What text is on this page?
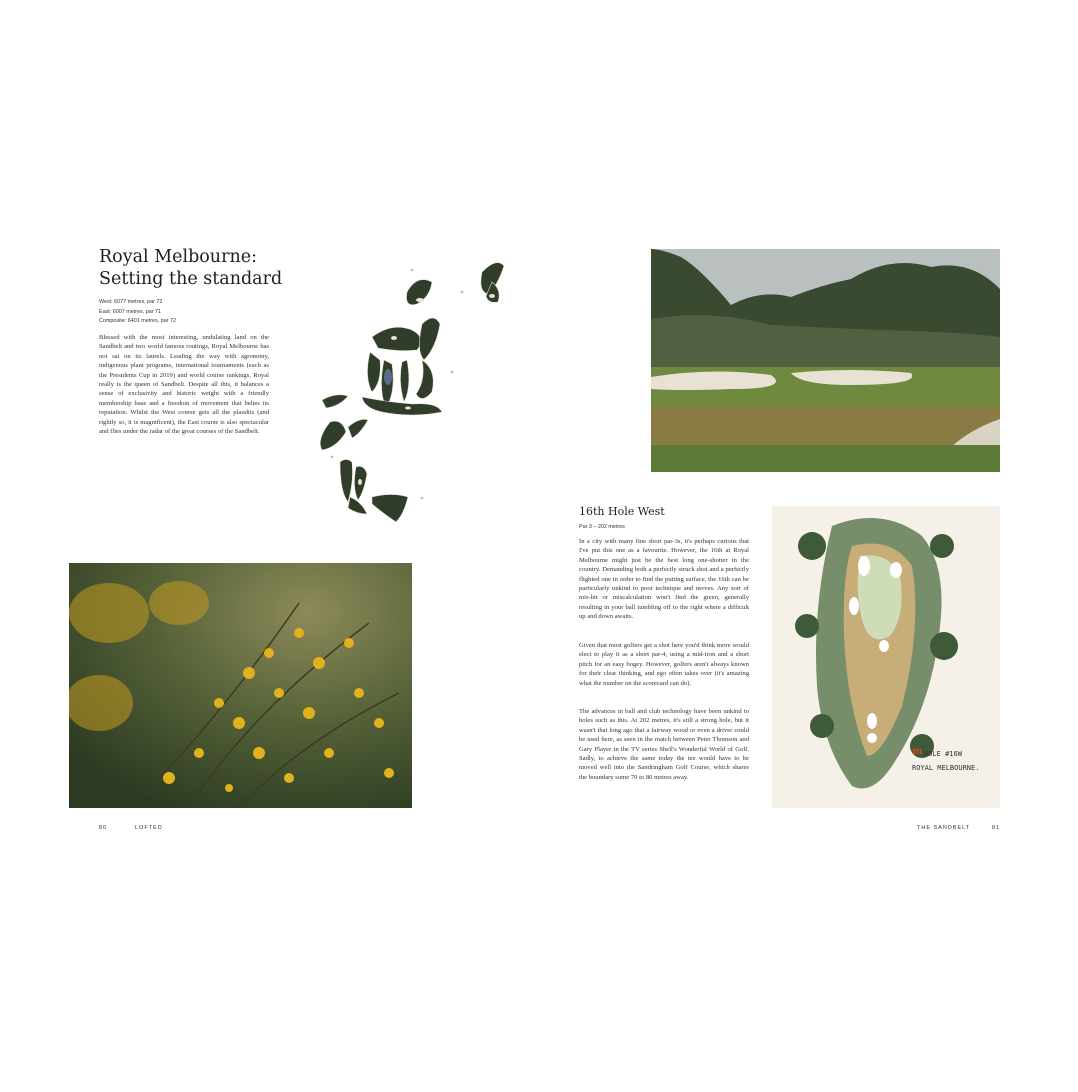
Royal Melbourne: Setting the standard
West: 6077 metres, par 72
East: 6007 metres, par 71
Composite: 6401 metres, par 72

Blessed with the most interesting, undulating land on the Sandbelt and two world famous routings, Royal Melbourne has not sat on its laurels. Leading the way with agronomy, indigenous plant programs, international tournaments (such as the Presidents Cup in 2019) and world course rankings, Royal really is the queen of Sandbelt. Despite all this, it balances a sense of exclusivity and historic weight with a friendly membership base and a freedom of movement that belies its reputation. Whilst the West course gets all the plaudits (and rightly so, it is magnificent), the East course is also spectacular and flies under the radar of the great courses of the Sandbelt.

80	LOFTED
16th Hole West
Par 3 – 202 metres

In a city with many fine short par-3s, it's perhaps curious that I've put this one as a favourite. However, the 16th at Royal Melbourne might just be the best long one-shotter in the country. Demanding both a perfectly struck shot and a perfectly flighted one in order to find the putting surface, the 16th can be particularly unkind to poor technique and nerves. Any sort of mis-hit or miscalculation won't find the green, generally resulting in your ball tumbling off to the right where a difficult up and down awaits.

Given that most golfers get a shot here you'd think more would elect to play it as a short par-4, using a mid-iron and a short pitch for an easy bogey. However, golfers aren't always known for their clear thinking, and ego often takes over (it's amazing what the number on the scorecard can do).

The advances in ball and club technology have been unkind to holes such as this. At 202 metres, it's still a strong hole, but it wasn't that long ago that a fairway wood or even a driver could be used here, as seen in the match between Peter Thomson and Gary Player in the TV series Shell's Wonderful World of Golf. Sadly, to achieve the same today the tee would have to be moved well into the Sandringham Golf Course, which shares the boundary some 70 to 80 metres away.

m HOLE #16W
ROYAL MELBOURNE.
THE SANDBELT	81
